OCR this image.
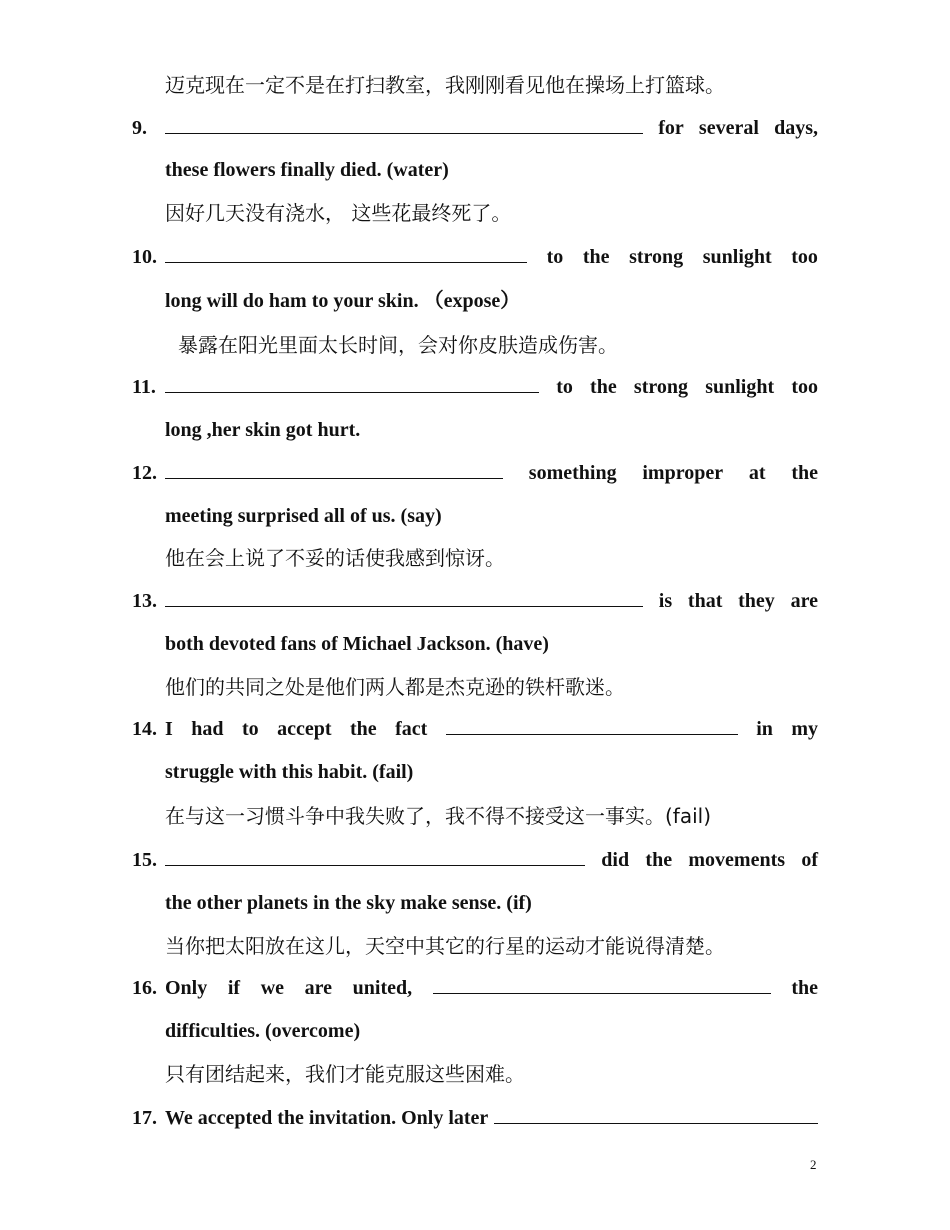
迈克现在一定不是在打扫教室，我刚刚看见他在操场上打篮球。
9.	for several days,
these flowers finally died. (water)
因好几天没有浇水， 这些花最终死了。
10.	to the strong sunlight too
long will do ham to your skin. （expose）
暴露在阳光里面太长时间，会对你皮肤造成伤害。
11.	to the strong sunlight too
long ,her skin got hurt.
12.	something improper at the
meeting surprised all of us. (say)
他在会上说了不妥的话使我感到惊讶。
13.	is that they are
both devoted fans of Michael Jackson. (have)
他们的共同之处是他们两人都是杰克逊的铁杆歌迷。
14. I had to accept the fact	in my
struggle with this habit. (fail)
在与这一习惯斗争中我失败了，我不得不接受这一事实。(fail)
15.	did the movements of
the other planets in the sky make sense. (if)
当你把太阳放在这儿，天空中其它的行星的运动才能说得清楚。
16. Only if we are united,	the
difficulties. (overcome)
只有团结起来，我们才能克服这些困难。
17. We accepted the invitation. Only later
2
